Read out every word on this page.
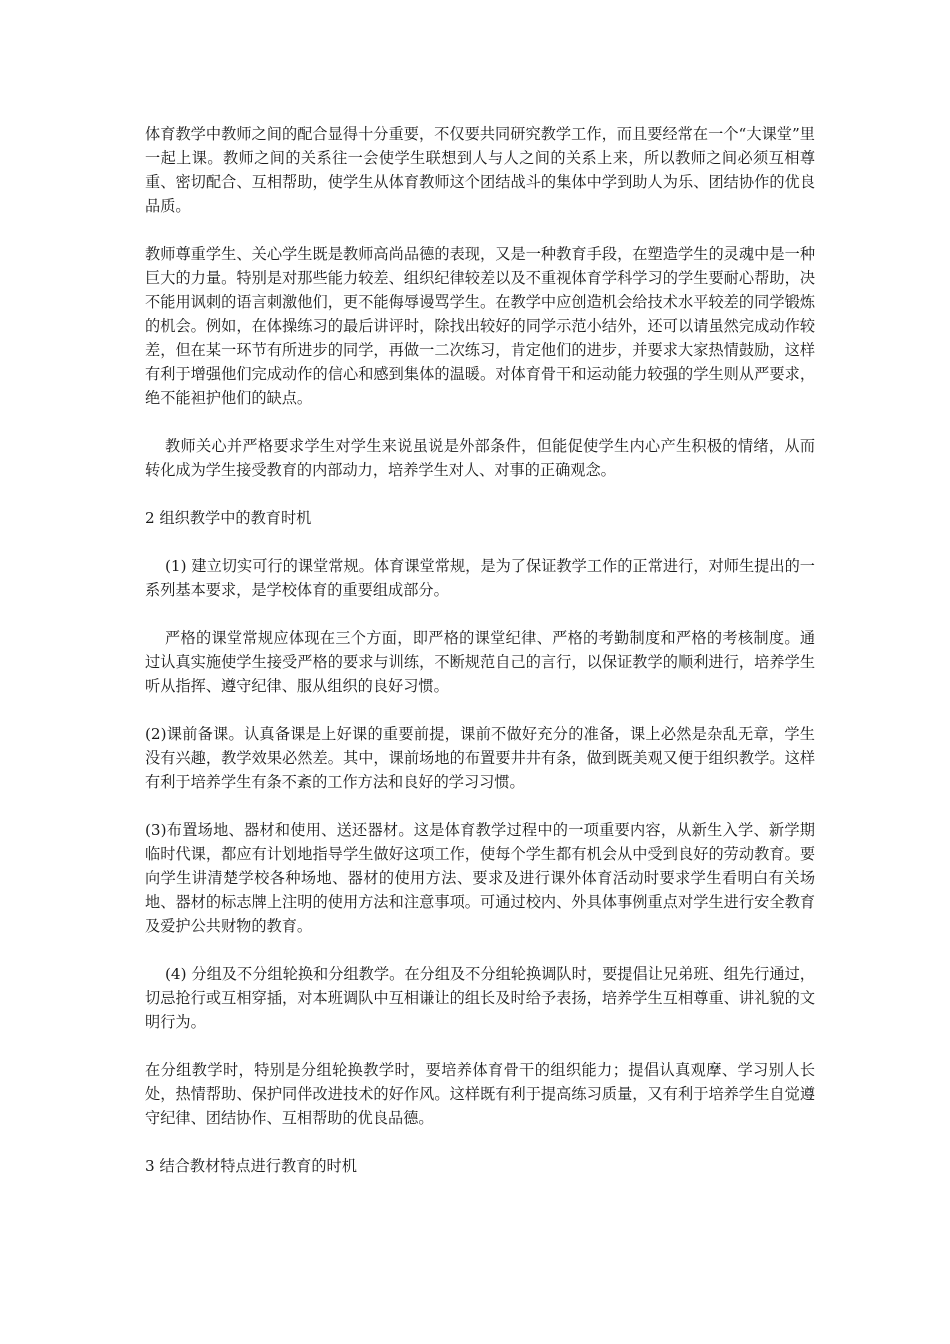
体育教学中教师之间的配合显得十分重要，不仅要共同研究教学工作，而且要经常在一个“大课堂”里一起上课。教师之间的关系往一会使学生联想到人与人之间的关系上来，所以教师之间必须互相尊重、密切配合、互相帮助，使学生从体育教师这个团结战斗的集体中学到助人为乐、团结协作的优良品质。

教师尊重学生、关心学生既是教师高尚品德的表现，又是一种教育手段，在塑造学生的灵魂中是一种巨大的力量。特别是对那些能力较差、组织纪律较差以及不重视体育学科学习的学生要耐心帮助，决不能用讽刺的语言刺激他们，更不能侮辱谩骂学生。在教学中应创造机会给技术水平较差的同学锻炼的机会。例如，在体操练习的最后讲评时，除找出较好的同学示范小结外，还可以请虽然完成动作较差，但在某一环节有所进步的同学，再做一二次练习，肯定他们的进步，并要求大家热情鼓励，这样有利于增强他们完成动作的信心和感到集体的温暖。对体育骨干和运动能力较强的学生则从严要求，绝不能袒护他们的缺点。

教师关心并严格要求学生对学生来说虽说是外部条件，但能促使学生内心产生积极的情绪，从而转化成为学生接受教育的内部动力，培养学生对人、对事的正确观念。

2 组织教学中的教育时机

(1) 建立切实可行的课堂常规。体育课堂常规，是为了保证教学工作的正常进行，对师生提出的一系列基本要求，是学校体育的重要组成部分。

严格的课堂常规应体现在三个方面，即严格的课堂纪律、严格的考勤制度和严格的考核制度。通过认真实施使学生接受严格的要求与训练，不断规范自己的言行，以保证教学的顺利进行，培养学生听从指挥、遵守纪律、服从组织的良好习惯。

(2)课前备课。认真备课是上好课的重要前提，课前不做好充分的准备，课上必然是杂乱无章，学生没有兴趣，教学效果必然差。其中，课前场地的布置要井井有条，做到既美观又便于组织教学。这样有利于培养学生有条不紊的工作方法和良好的学习习惯。

(3)布置场地、器材和使用、送还器材。这是体育教学过程中的一项重要内容，从新生入学、新学期临时代课，都应有计划地指导学生做好这项工作，使每个学生都有机会从中受到良好的劳动教育。要向学生讲清楚学校各种场地、器材的使用方法、要求及进行课外体育活动时要求学生看明白有关场地、器材的标志牌上注明的使用方法和注意事项。可通过校内、外具体事例重点对学生进行安全教育及爱护公共财物的教育。

(4) 分组及不分组轮换和分组教学。在分组及不分组轮换调队时，要提倡让兄弟班、组先行通过，切忌抢行或互相穿插，对本班调队中互相谦让的组长及时给予表扬，培养学生互相尊重、讲礼貌的文明行为。

在分组教学时，特别是分组轮换教学时，要培养体育骨干的组织能力；提倡认真观摩、学习别人长处，热情帮助、保护同伴改进技术的好作风。这样既有利于提高练习质量，又有利于培养学生自觉遵守纪律、团结协作、互相帮助的优良品德。

3 结合教材特点进行教育的时机
